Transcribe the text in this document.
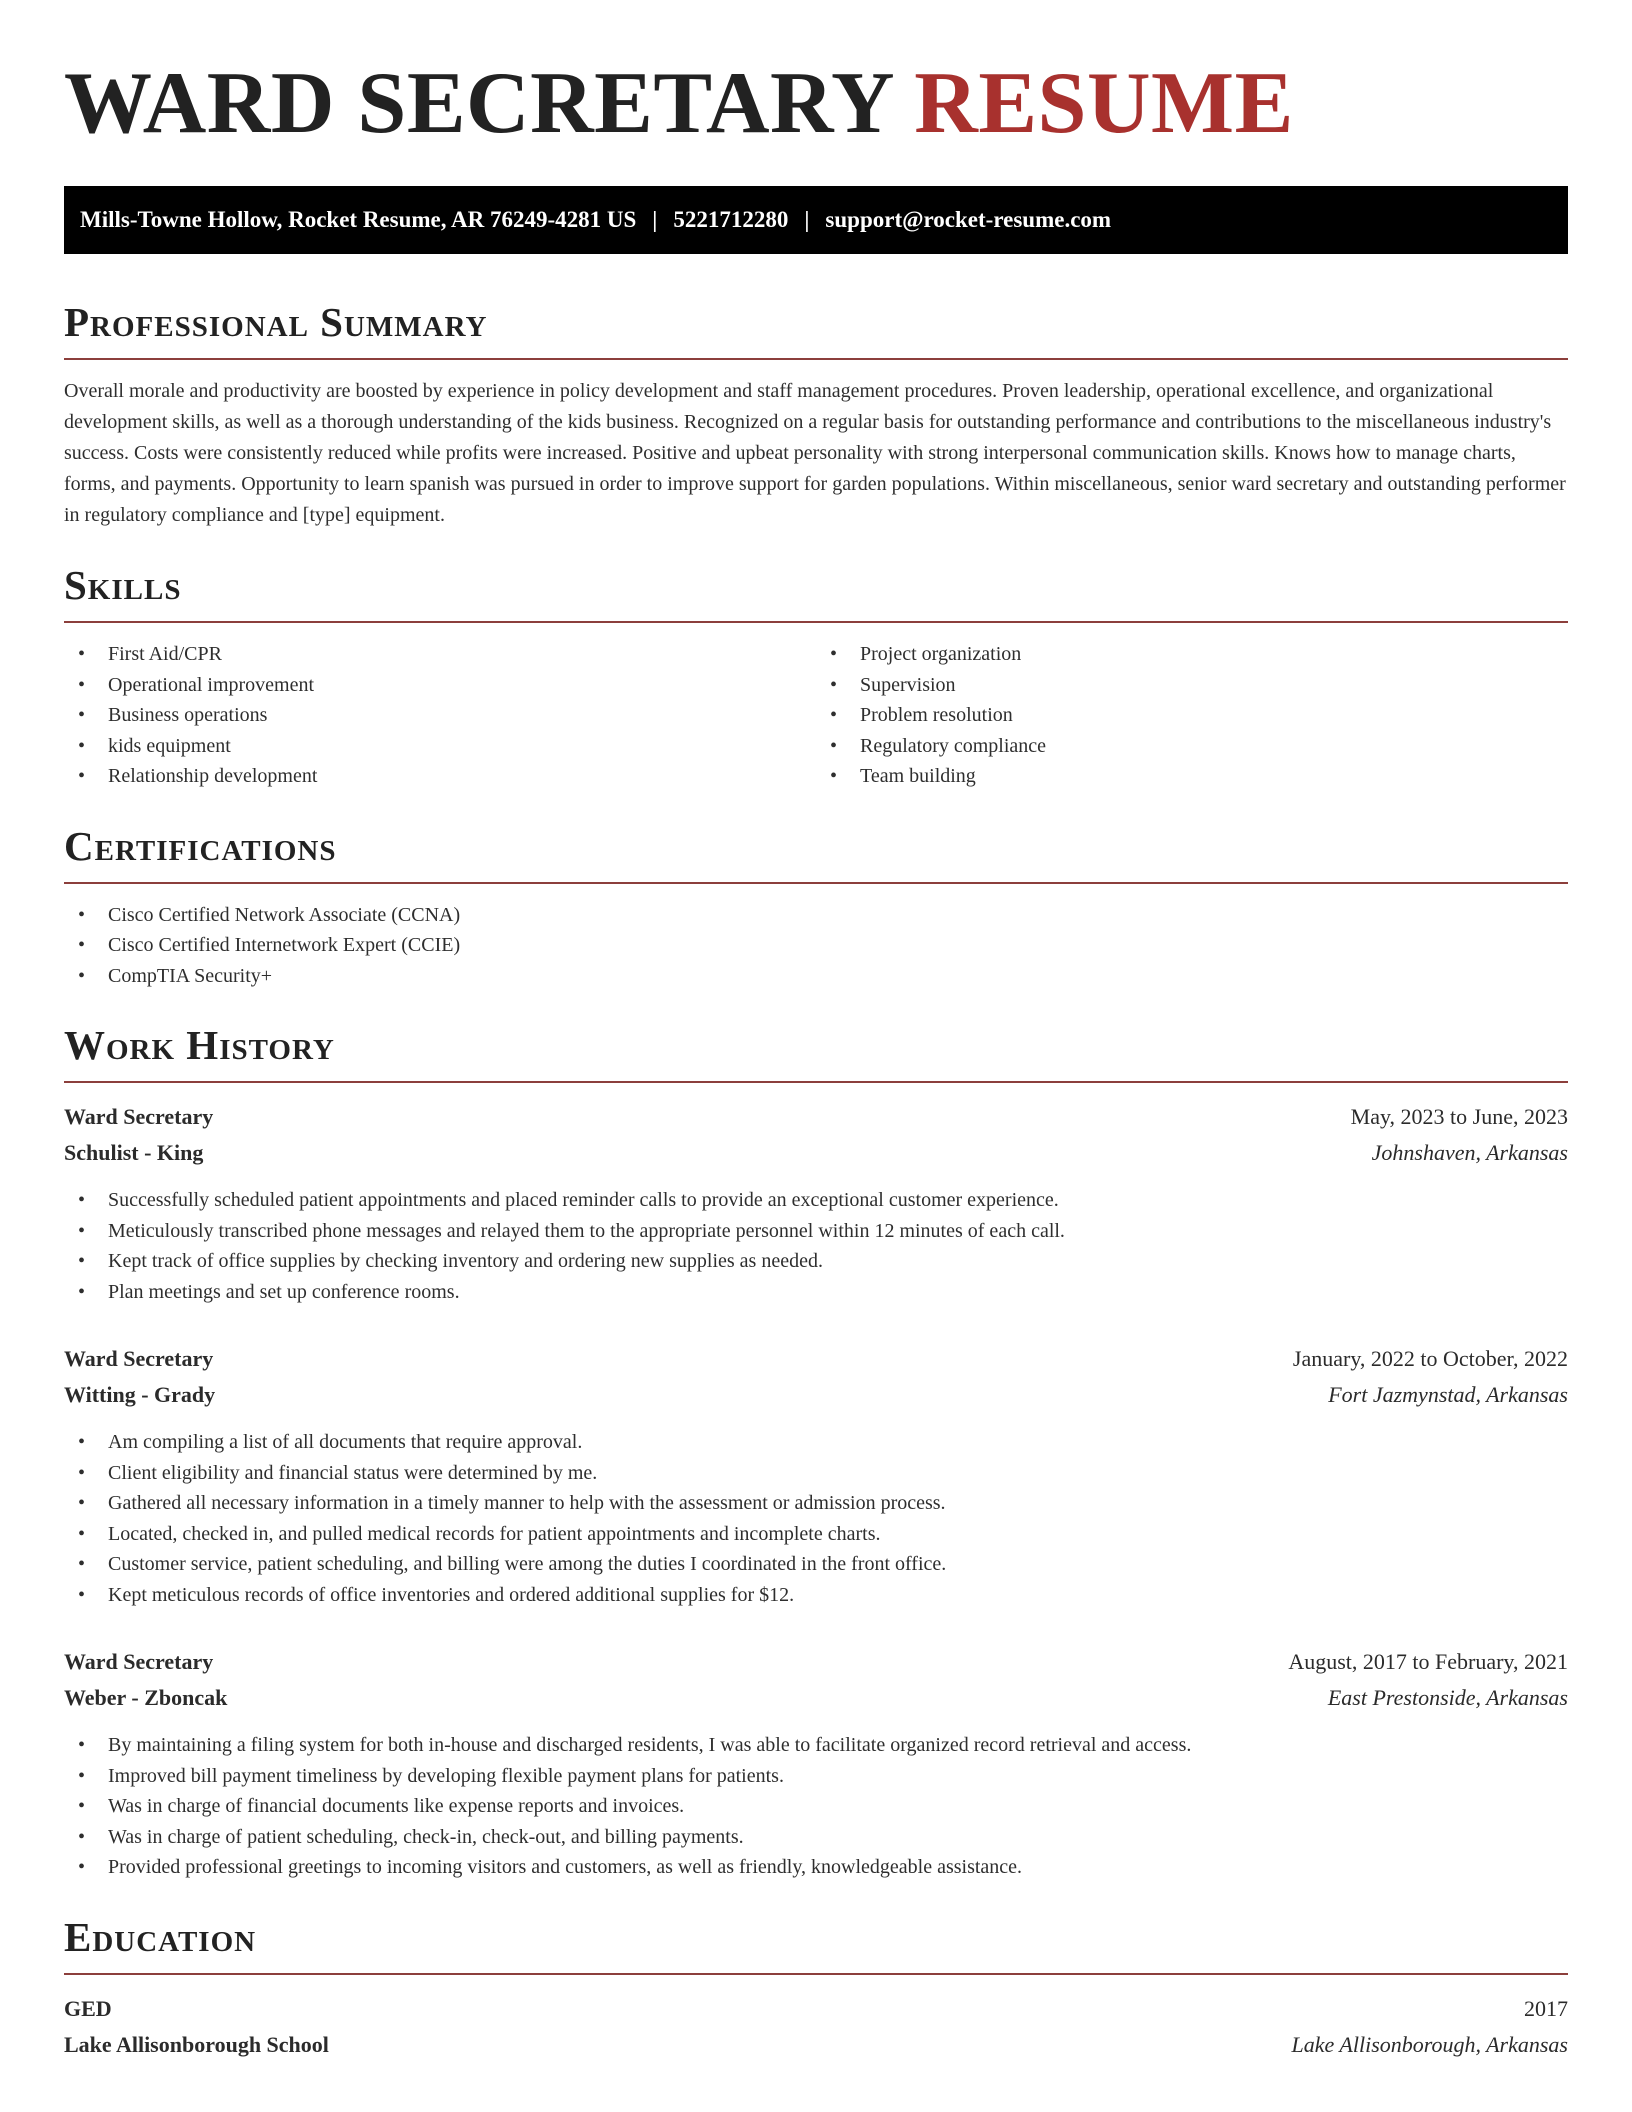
WARD SECRETARY RESUME
Mills-Towne Hollow, Rocket Resume, AR 76249-4281 US | 5221712280 | support@rocket-resume.com
Professional Summary

Overall morale and productivity are boosted by experience in policy development and staff management procedures. Proven leadership, operational excellence, and organizational development skills, as well as a thorough understanding of the kids business. Recognized on a regular basis for outstanding performance and contributions to the miscellaneous industry's success. Costs were consistently reduced while profits were increased. Positive and upbeat personality with strong interpersonal communication skills. Knows how to manage charts, forms, and payments. Opportunity to learn spanish was pursued in order to improve support for garden populations. Within miscellaneous, senior ward secretary and outstanding performer in regulatory compliance and [type] equipment.

Skills
• First Aid/CPR
• Operational improvement
• Business operations
• kids equipment
• Relationship development
• Project organization
• Supervision
• Problem resolution
• Regulatory compliance
• Team building
Certifications
• Cisco Certified Network Associate (CCNA)
• Cisco Certified Internetwork Expert (CCIE)
• CompTIA Security+
Work History
Ward Secretary	May, 2023 to June, 2023
Schulist - King	Johnshaven, Arkansas
• Successfully scheduled patient appointments and placed reminder calls to provide an exceptional customer experience.
• Meticulously transcribed phone messages and relayed them to the appropriate personnel within 12 minutes of each call.
• Kept track of office supplies by checking inventory and ordering new supplies as needed.
• Plan meetings and set up conference rooms.
Ward Secretary	January, 2022 to October, 2022
Witting - Grady	Fort Jazmynstad, Arkansas
• Am compiling a list of all documents that require approval.
• Client eligibility and financial status were determined by me.
• Gathered all necessary information in a timely manner to help with the assessment or admission process.
• Located, checked in, and pulled medical records for patient appointments and incomplete charts.
• Customer service, patient scheduling, and billing were among the duties I coordinated in the front office.
• Kept meticulous records of office inventories and ordered additional supplies for $12.
Ward Secretary	August, 2017 to February, 2021
Weber - Zboncak	East Prestonside, Arkansas
• By maintaining a filing system for both in-house and discharged residents, I was able to facilitate organized record retrieval and access.
• Improved bill payment timeliness by developing flexible payment plans for patients.
• Was in charge of financial documents like expense reports and invoices.
• Was in charge of patient scheduling, check-in, check-out, and billing payments.
• Provided professional greetings to incoming visitors and customers, as well as friendly, knowledgeable assistance.
Education
GED	2017
Lake Allisonborough School	Lake Allisonborough, Arkansas
